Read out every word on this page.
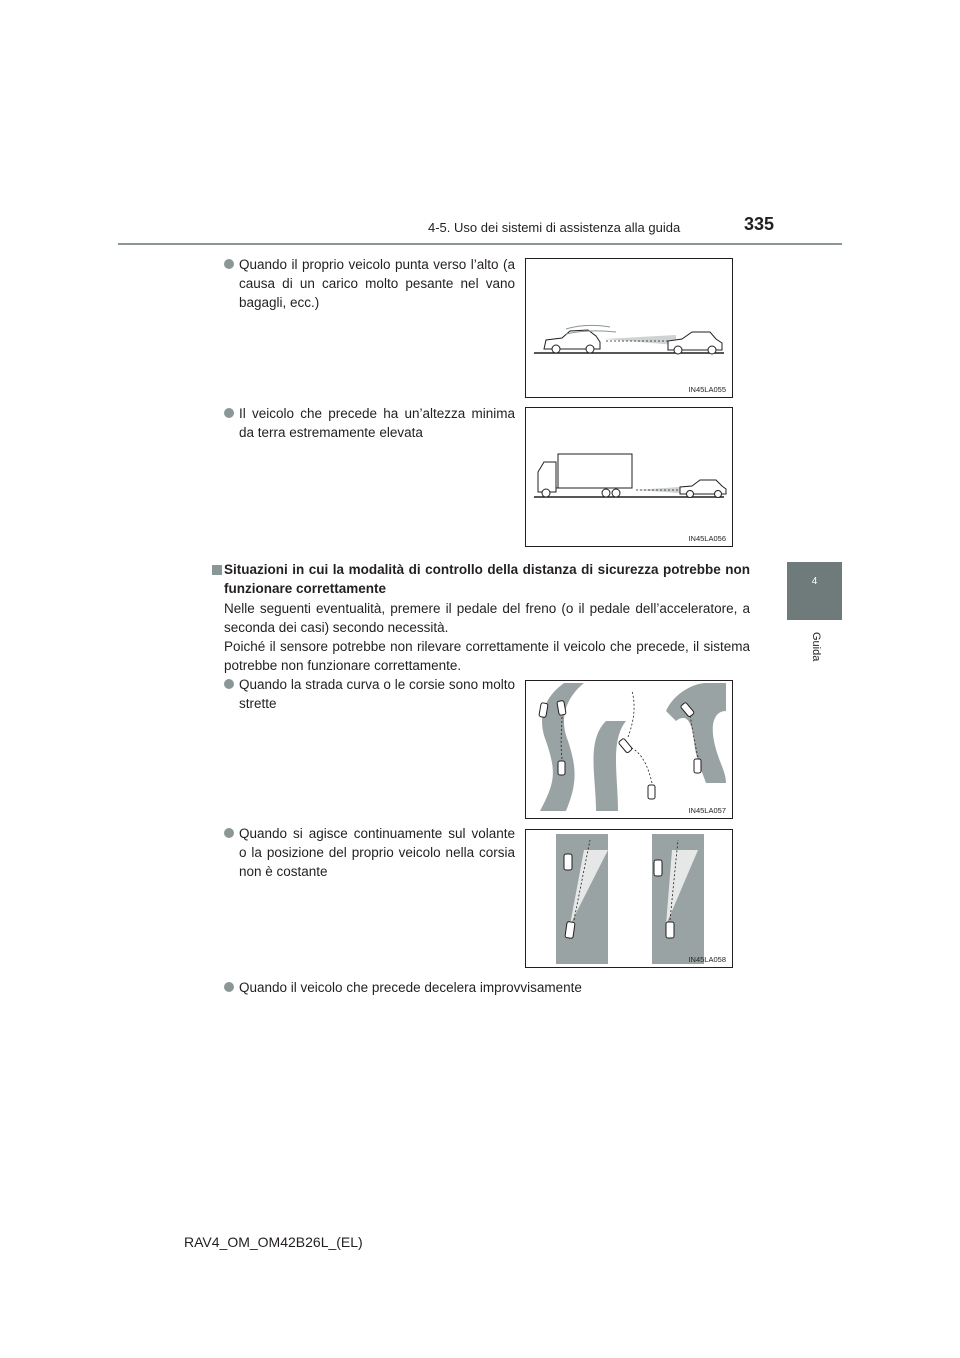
4-5. Uso dei sistemi di assistenza alla guida	335
4
Guida
Quando il proprio veicolo punta verso l’alto (a causa di un carico molto pesante nel vano bagagli, ecc.)
IN45LA055
Il veicolo che precede ha un’altezza minima da terra estremamente elevata
IN45LA056
Situazioni in cui la modalità di controllo della distanza di sicurezza potrebbe non funzionare correttamente
Nelle seguenti eventualità, premere il pedale del freno (o il pedale dell’acceleratore, a seconda dei casi) secondo necessità.
Poiché il sensore potrebbe non rilevare correttamente il veicolo che precede, il sistema potrebbe non funzionare correttamente.
Quando la strada curva o le corsie sono molto strette
IN45LA057
Quando si agisce continuamente sul volante o la posizione del proprio veicolo nella corsia non è costante
IN45LA058
Quando il veicolo che precede decelera improvvisamente
RAV4_OM_OM42B26L_(EL)
